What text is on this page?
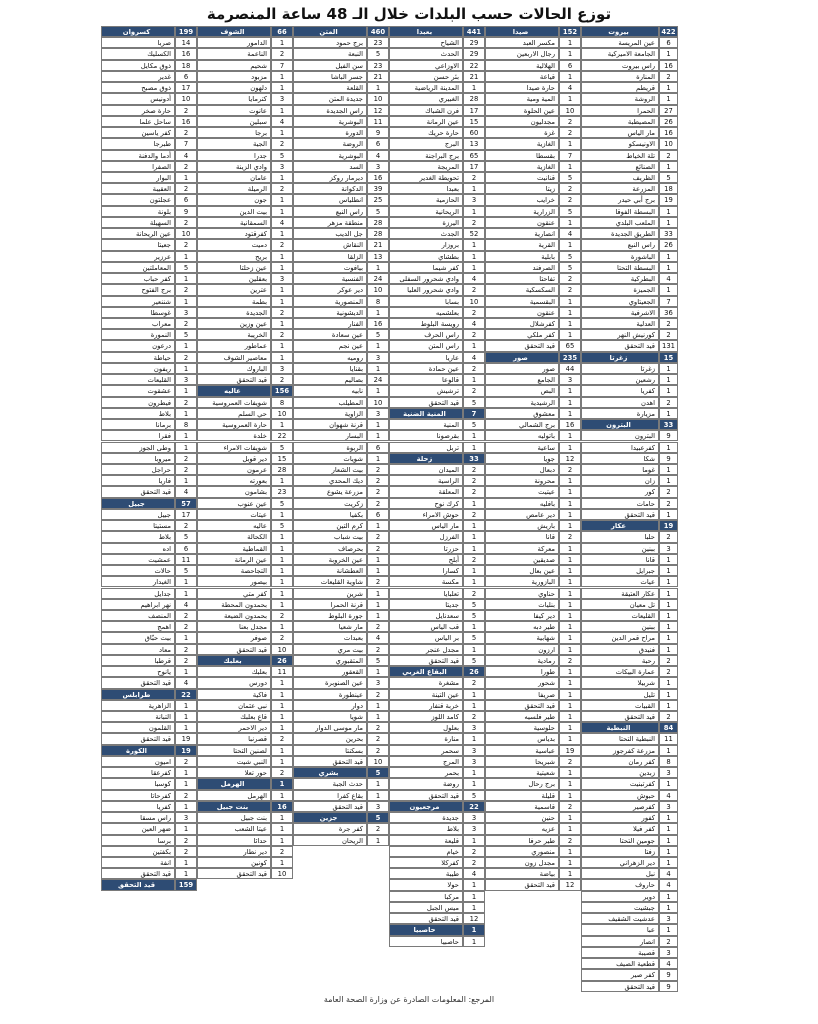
توزع الحالات حسب البلدات خلال الـ 48 ساعة المنصرمة
بيروت	422
عين المريسة	6
الجامعة الاميركية	1
راس بيروت	16
المنارة	2
قريطم	1
الروشة	1
الحمرا	27
المصيطبة	26
مار الياس	16
الاونيسكو	10
تلة الخياط	2
الصنائع	1
الظريف	5
المزرعة	18
برج أبي حيدر	19
البسطة الفوقا	1
الملعب البلدي	1
الطريق الجديدة	33
راس النبع	26
الباشورة	1
البسطة التحتا	1
البطركية	4
الجميزة	1
الجعيتاوي	7
الاشرفية	36
العدلية	2
كورنيش النهر	2
قيد التحقق	131
زغرتا	15
زغرتا	1
رشعين	1
كفريا	1
اهدن	2
مزيارة	1
البترون	33
البترون	9
كفرعبيدا	1
شكا	9
غوما	1
زان	1
كور	2
حامات	2
قيد التحقق	1
عكار	19
حلبا	2
ببنين	3
قانا	1
جبرايل	1
عيات	1
عكار العتيقة	1
تل معيان	1
القليعات	1
ببنين	1
مراح قمر الدين	1
فنيدق	1
رحبة	2
عمارة البيكات	2
شربيلا	1
تليل	1
القبيات	1
قيد التحقق	2
النبطية	84
النبطية التحتا	11
مزرعة كفرجوز	1
كفر رمان	8
زبدين	3
كفرتبنيت	1
حبوش	4
كفرصير	3
كفور	1
كفر فيلا	1
جومين التحتا	1
زفتا	1
دير الزهراني	1
نبل	4
حاروف	4
دوير	1
جبشيت	1
عدشيت الشقيف	3
عبا	1
انصار	2
قصيبة	3
قطعية الصيف	4
كفر صير	9
قيد التحقق	9
صيدا	152
مكسر العبد	1
رجال الاربعين	1
الهلالية	6
قياعة	1
حارة صيدا	4
المية ومية	1
عين الحلوة	10
مجدليون	2
غزة	2
الغازية	1
بقسطا	7
الغازية	1
قنانيت	5
زيتا	2
خرايب	2
الزرارية	5
عنقون	1
انصارية	4
القرية	1
بابلية	5
الصرفند	5
تفاحتا	2
السكسكية	2
البقسمية	1
عنقون	1
كفرشلال	1
كفر ملكي	1
قيد التحقق	65
صور	235
صور	44
الجامع	3
البص	1
الرشيدية	1
معشوق	1
برج الشمالي	16
باتوليه	1
ساعية	1
جويا	12
دبعال	2
محرونة	1
عيتيت	1
بافليه	1
دير عامص	1
باريش	1
قانا	2
معركة	1
صديقين	1
عين بعال	1
البازورية	1
حناوي	1
بنليات	1
دير كيفا	1
طير دبه	1
شهابية	1
ارزون	1
رمادية	2
طورا	1
شحور	1
صريفا	1
قيد التحقق	1
طير فلسيه	1
حلوسية	1
بدياس	1
عباسية	19
شبريحا	2
شعيتية	1
برج رحال	1
قليلة	1
قاسمية	2
حنين	1
عزيه	1
طير حرفا	2
منصوري	1
مجدل زون	1
بياضة	1
قيد التحقق	12
بعبدا	441
الشياح	29
الحدث	29
الاوزاعي	22
بئر حسن	21
المدينة الرياضية	1
الغبيري	28
فرن الشباك	17
عين الرمانة	15
حارة حريك	60
البرج	13
برج البراجنة	65
المريجة	17
تحويطة الغدير	2
بعبدا	1
الحازمية	3
الريحانية	1
اليرزة	2
الجدث	52
بروزار	1
بطشاي	1
كفر شيما	1
وادي شحرور السفلى	4
وادي شحرور العليا	2
بسابا	10
بعلشميه	2
رويسة البلوط	4
راس الحرف	2
راس المتن	1
عاريا	4
عين حمادة	2
قالوعا	1
ترشيش	2
قيد التحقق	5
المنية الضنية	7
المنية	5
بقرصونا	1
تربل	1
زحلة	33
الميدان	2
الراسية	2
المعلقة	2
كرك نوح	1
حوش الامراء	2
مار الياس	1
الفرزل	1
حزرتا	1
أبلح	2
كسارا	1
مكسة	1
تعلبايا	2
جديتا	5
سعدنايل	5
قب الياس	1
بر الياس	5
مجدل عنجر	1
قيد التحقق	5
البقاع الغربي	26
مشغرة	2
عين التينة	1
خربة قنفار	1
كامد اللوز	2
بعلول	3
منارة	1
سحمر	3
المرج	3
بحمر	1
روضة	1
قيد التحقق	5
مرجعيون	22
جديدة	3
بلاط	3
قليعة	1
خيام	2
كفركلا	2
طيبة	4
حولا	1
مركبا	1
ميس الجبل	1
قيد التحقق	12
حاصبيا	1
حاصبيا	1
المتن	460
برج حمود	23
النبعة	5
سن الفيل	23
جسر الباشا	21
القلعة	1
جديدة المتن	10
راس الجديدة	12
البوشرية	11
الدورة	9
الروضة	6
البوشرية	4
السد	3
ديرمار روكز	16
الدكوانة	39
انطلياس	25
راس النبع	5
منطقة مزهر	28
جل الديب	28
النقاش	21
الزلقا	13
بيافوت	1
الفنسية	24
دير عوكر	10
المنصورية	8
الديشونية	1
الفنار	16
عين سعادة	5
عين نجم	1
روميه	3
بقنايا	1
بصاليم	24
نابيه	1
المطيلب	10
الزاوية	3
قرنة شهوان	1
البسار	1
الربوة	6
شويات	1
بيت الشعار	2
ديك المحدي	2
مزرعة يشوع	2
زكريت	2
بكفيا	6
كرم التين	1
بيت شباب	2
بحرصاف	2
عين الخروبة	1
العطشانة	1
شاوية القليعات	2
شرين	1
قرنة الحمرا	1
جورة البلوط	1
مار شعيا	2
بعبدات	4
بيت مري	2
المتقبوري	5
القعقور	1
عين الصنوبرة	3
عينطورة	2
دوار	1
شويا	1
مار موسى الدوار	2
بحرين	2
بسكنتا	2
قيد التحقق	10
بشري	5
حدث الجبة	1
بقاع كفرا	1
قيد التحقق	3
جزين	5
كفر جرة	2
الريحان	1
الشوف	66
الدامور	1
الناعمة	2
شحيم	7
مزبود	1
دلهون	1
كترمايا	3
عانوت	1
سبلين	4
برجا	1
الجية	2
جدرا	5
وادي الزينة	3
عامان	1
الرميلة	2
جون	1
بيت الدين	1
السمقانية	4
كفرقتود	1
دميت	2
بريح	1
عين زحلتا	1
بعقلين	3
عترين	1
بطمة	1
الجديدة	2
عين وزين	1
الخريبة	2
عماطور	1
معاصير الشوف	1
الباروك	3
قيد التحقق	2
عاليه	156
شويفات العمروسية	8
حي السلم	10
حارة العمروسية	1
خلدة	22
شويفات الامراء	5
دير قوبل	15
عرمون	28
بعورته	1
بشامون	23
عين عنوب	5
عيتات	1
عاليه	5
الكحالة	1
القماطية	1
عين الرمانة	1
التجاحصة	1
بيصور	1
كفر متي	1
بحمدون المحطة	1
بحمدون الضيعة	2
مجدل بعنا	1
صوفر	2
قيد التحقق	10
بعلبك	26
بعلبك	11
دورس	1
فاكية	1
نبي عثمان	1
قاع بعلبك	1
دير الاحمر	1
قصرنبا	2
لصنين التحتا	1
النبي شيت	1
حور تعلا	2
الهرمل	1
الهرمل	1
بنت جبيل	16
بنت جبيل	1
عيتا الشعب	1
حداثا	1
دير نطار	2
كونين	1
قيد التحقق	10
كسروان	199
صربا	14
الكسليك	16
ذوق مكايل	18
غدير	6
ذوق مصبح	17
أدونيس	10
حارة صخر	2
ساحل علما	16
كفر ياسين	2
طبرجا	7
أدما والدفنة	4
الصفرا	2
البوار	1
العقيبة	2
عجلتون	6
بلونة	9
السهيلة	2
عين الريحانة	10
جعيتا	2
عرزير	1
المعاملتين	5
كفر حباب	1
برج الفتوح	2
شننعير	1
غوسطا	3
معراب	2
النمورة	5
درعون	1
حياطة	2
ريفون	1
القليعات	3
عشقوت	1
فيطرون	2
بلاط	1
برمانا	8
فقرا	1
وطى الجوز	1
ميروبا	2
حراجل	2
فاريا	1
قيد التحقق	4
جبيل	57
جبيل	17
مستيتا	2
بلاط	5
اده	6
عمشيت	11
حالات	5
الغيدار	1
جدايل	1
نهر ابراهيم	4
المنصف	2
اهمج	2
بيت حبّاق	1
معاد	2
قرطبا	2
يانوح	1
قيد التحقق	4
طرابلس	22
الزاهرية	1
التبانة	1
القلمون	1
قيد التحقق	19
الكورة	19
اميون	2
كفرعقا	1
كوسبا	1
كفرحاتا	2
كفريا	1
راس مسقا	3
ضهر العين	1
برسا	2
بكفتين	2
انفة	1
قيد التحقق	1
قيد التحقق	159
المرجع: المعلومات الصادرة عن وزارة الصحة العامة
